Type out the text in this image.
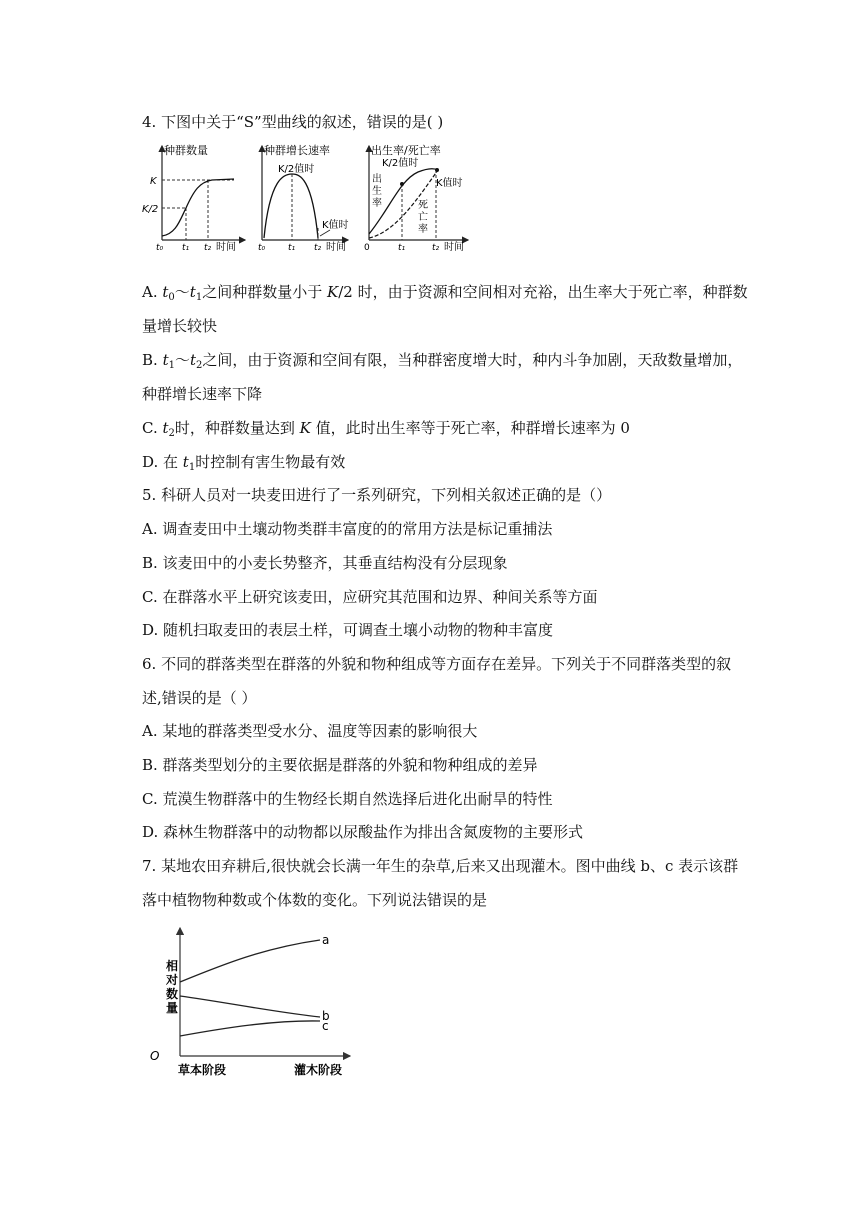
4. 下图中关于“S”型曲线的叙述，错误的是( )
种群数量
K
K/2
t₀ t₁ t₂ 时间
种群增长速率
K/2值时
K值时
t₀	t₁ t₂ 时间
出生率/死亡率
K/2值时
K值时
出
生
率	死
亡
率
0	t₁	t₂ 时间
A. $t_0\sim t_1$之间种群数量小于 K/2 时，由于资源和空间相对充裕，出生率大于死亡率，种群数
量增长较快
B. $t_1\sim t_2$之间，由于资源和空间有限，当种群密度增大时，种内斗争加剧，天敌数量增加，
种群增长速率下降
C. $t_2$时，种群数量达到 K 值，此时出生率等于死亡率，种群增长速率为 0
D. 在 $t_1$时控制有害生物最有效
5. 科研人员对一块麦田进行了一系列研究，下列相关叙述正确的是（）
A. 调查麦田中土壤动物类群丰富度的的常用方法是标记重捕法
B. 该麦田中的小麦长势整齐，其垂直结构没有分层现象
C. 在群落水平上研究该麦田，应研究其范围和边界、种间关系等方面
D. 随机扫取麦田的表层土样，可调查土壤小动物的物种丰富度
6. 不同的群落类型在群落的外貌和物种组成等方面存在差异。下列关于不同群落类型的叙
述,错误的是（ ）
A. 某地的群落类型受水分、温度等因素的影响很大
B. 群落类型划分的主要依据是群落的外貌和物种组成的差异
C. 荒漠生物群落中的生物经长期自然选择后进化出耐旱的特性
D. 森林生物群落中的动物都以尿酸盐作为排出含氮废物的主要形式
7. 某地农田弃耕后,很快就会长满一年生的杂草,后来又出现灌木。图中曲线 b、c 表示该群
落中植物物种数或个体数的变化。下列说法错误的是
相
对
数
量
a
b
c
O
草本阶段	灌木阶段
